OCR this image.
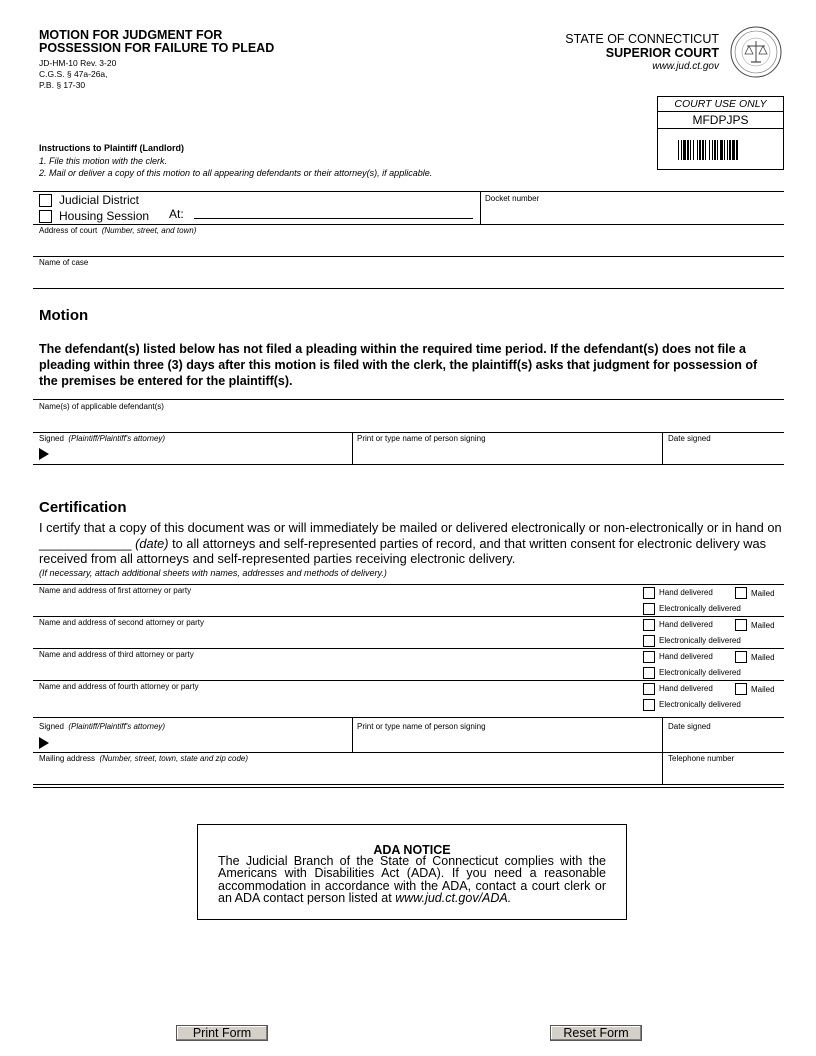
MOTION FOR JUDGMENT FOR
POSSESSION FOR FAILURE TO PLEAD
JD-HM-10 Rev. 3-20
C.G.S. § 47a-26a,
P.B. § 17-30
STATE OF CONNECTICUT
SUPERIOR COURT
www.jud.ct.gov
COURT USE ONLY
MFDPJPS
Instructions to Plaintiff (Landlord)
1. File this motion with the clerk.
2. Mail or deliver a copy of this motion to all appearing defendants or their attorney(s), if applicable.
Judicial District
Housing Session At:
Docket number
Address of court (Number, street, and town)
Name of case
Motion
The defendant(s) listed below has not filed a pleading within the required time period. If the defendant(s) does not file a pleading within three (3) days after this motion is filed with the clerk, the plaintiff(s) asks that judgment for possession of the premises be entered for the plaintiff(s).
Name(s) of applicable defendant(s)
Signed (Plaintiff/Plaintiff's attorney)	Print or type name of person signing	Date signed
Certification
I certify that a copy of this document was or will immediately be mailed or delivered electronically or non-electronically or in hand on _____________ (date) to all attorneys and self-represented parties of record, and that written consent for electronic delivery was received from all attorneys and self-represented parties receiving electronic delivery.
(If necessary, attach additional sheets with names, addresses and methods of delivery.)
Name and address of first attorney or party	Hand delivered	Mailed
Electronically delivered
Name and address of second attorney or party	Hand delivered	Mailed
Electronically delivered
Name and address of third attorney or party	Hand delivered	Mailed
Electronically delivered
Name and address of fourth attorney or party	Hand delivered	Mailed
Electronically delivered
Signed (Plaintiff/Plaintiff's attorney)	Print or type name of person signing	Date signed
Mailing address (Number, street, town, state and zip code)	Telephone number
ADA NOTICE
The Judicial Branch of the State of Connecticut complies with the Americans with Disabilities Act (ADA). If you need a reasonable accommodation in accordance with the ADA, contact a court clerk or an ADA contact person listed at www.jud.ct.gov/ADA.
Print Form	Reset Form
